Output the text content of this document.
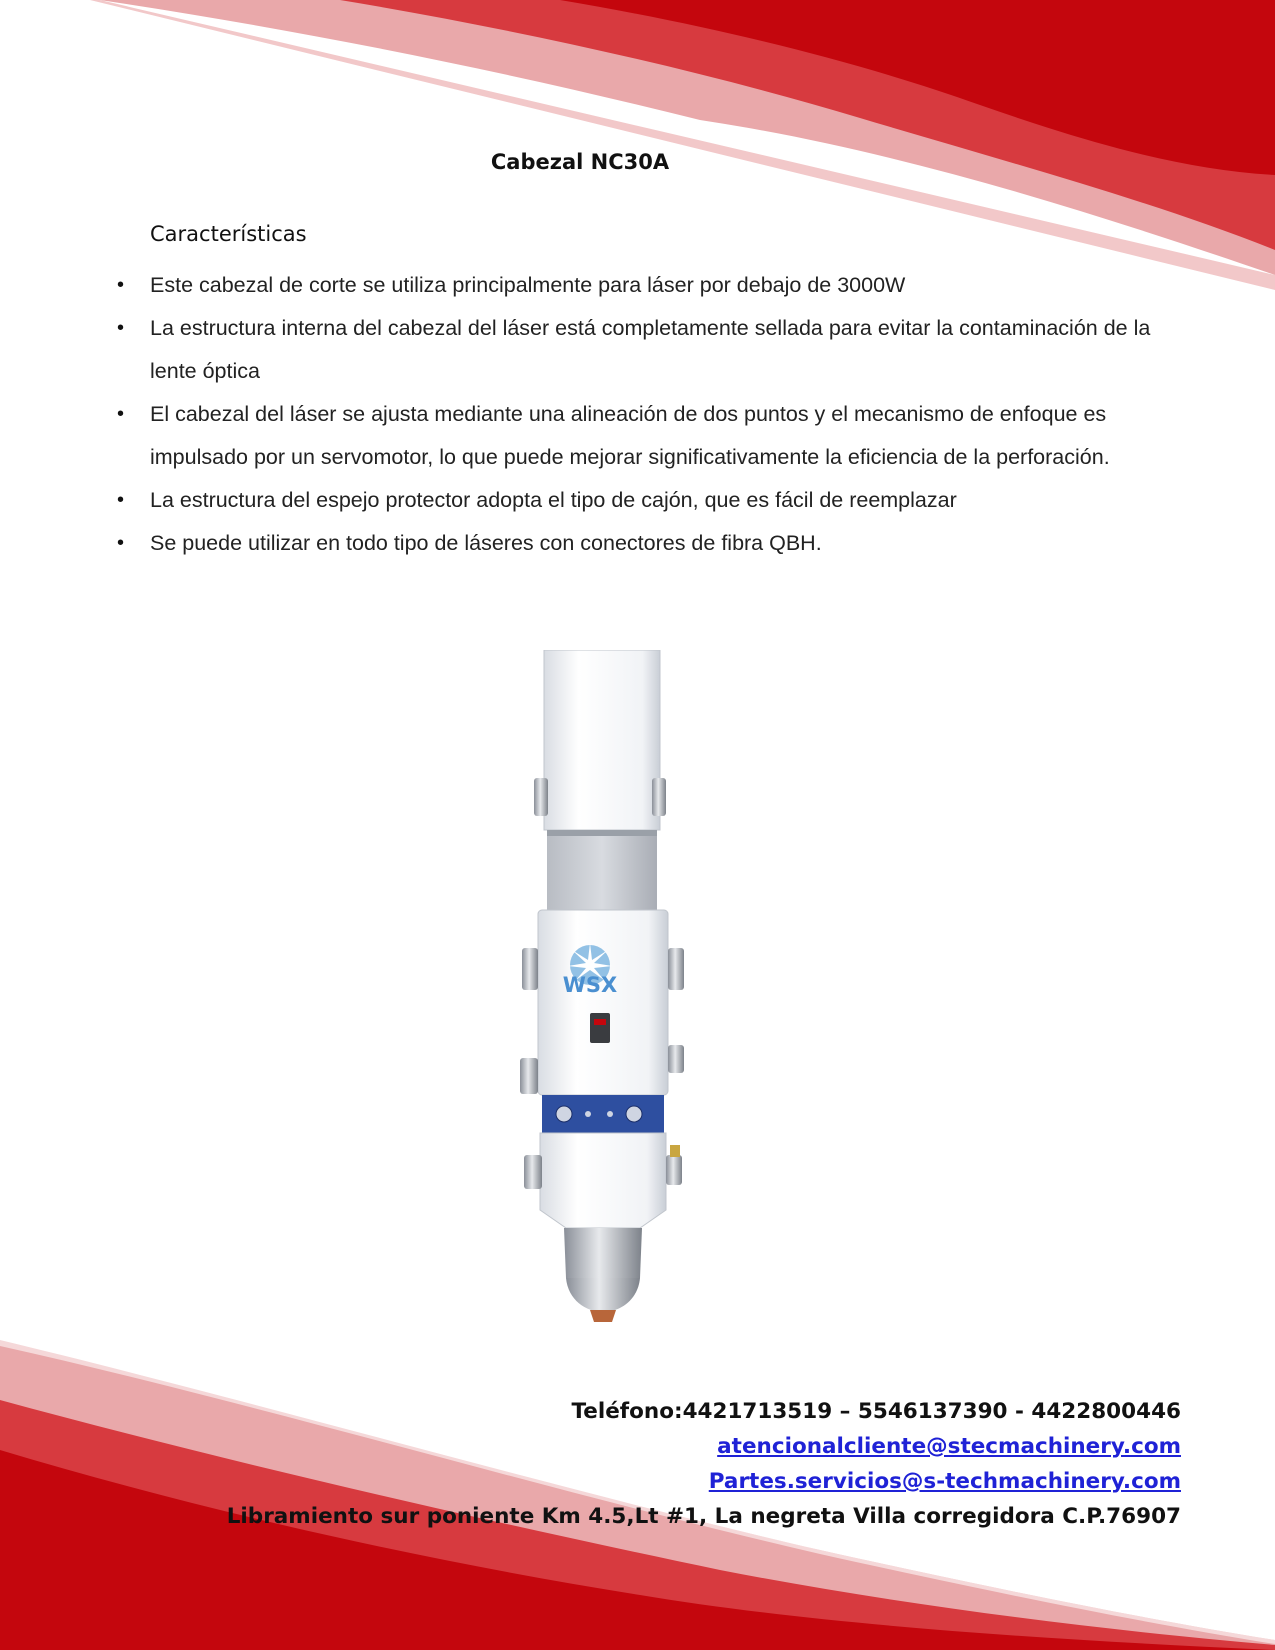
Cabezal NC30A
Características
• Este cabezal de corte se utiliza principalmente para láser por debajo de 3000W
• La estructura interna del cabezal del láser está completamente sellada para evitar la contaminación de la lente óptica
• El cabezal del láser se ajusta mediante una alineación de dos puntos y el mecanismo de enfoque es impulsado por un servomotor, lo que puede mejorar significativamente la eficiencia de la perforación.
• La estructura del espejo protector adopta el tipo de cajón, que es fácil de reemplazar
• Se puede utilizar en todo tipo de láseres con conectores de fibra QBH.
WSX
Teléfono:4421713519 – 5546137390 - 4422800446
atencionalcliente@stecmachinery.com
Partes.servicios@s-techmachinery.com
Libramiento sur poniente Km 4.5,Lt #1, La negreta Villa corregidora C.P.76907
